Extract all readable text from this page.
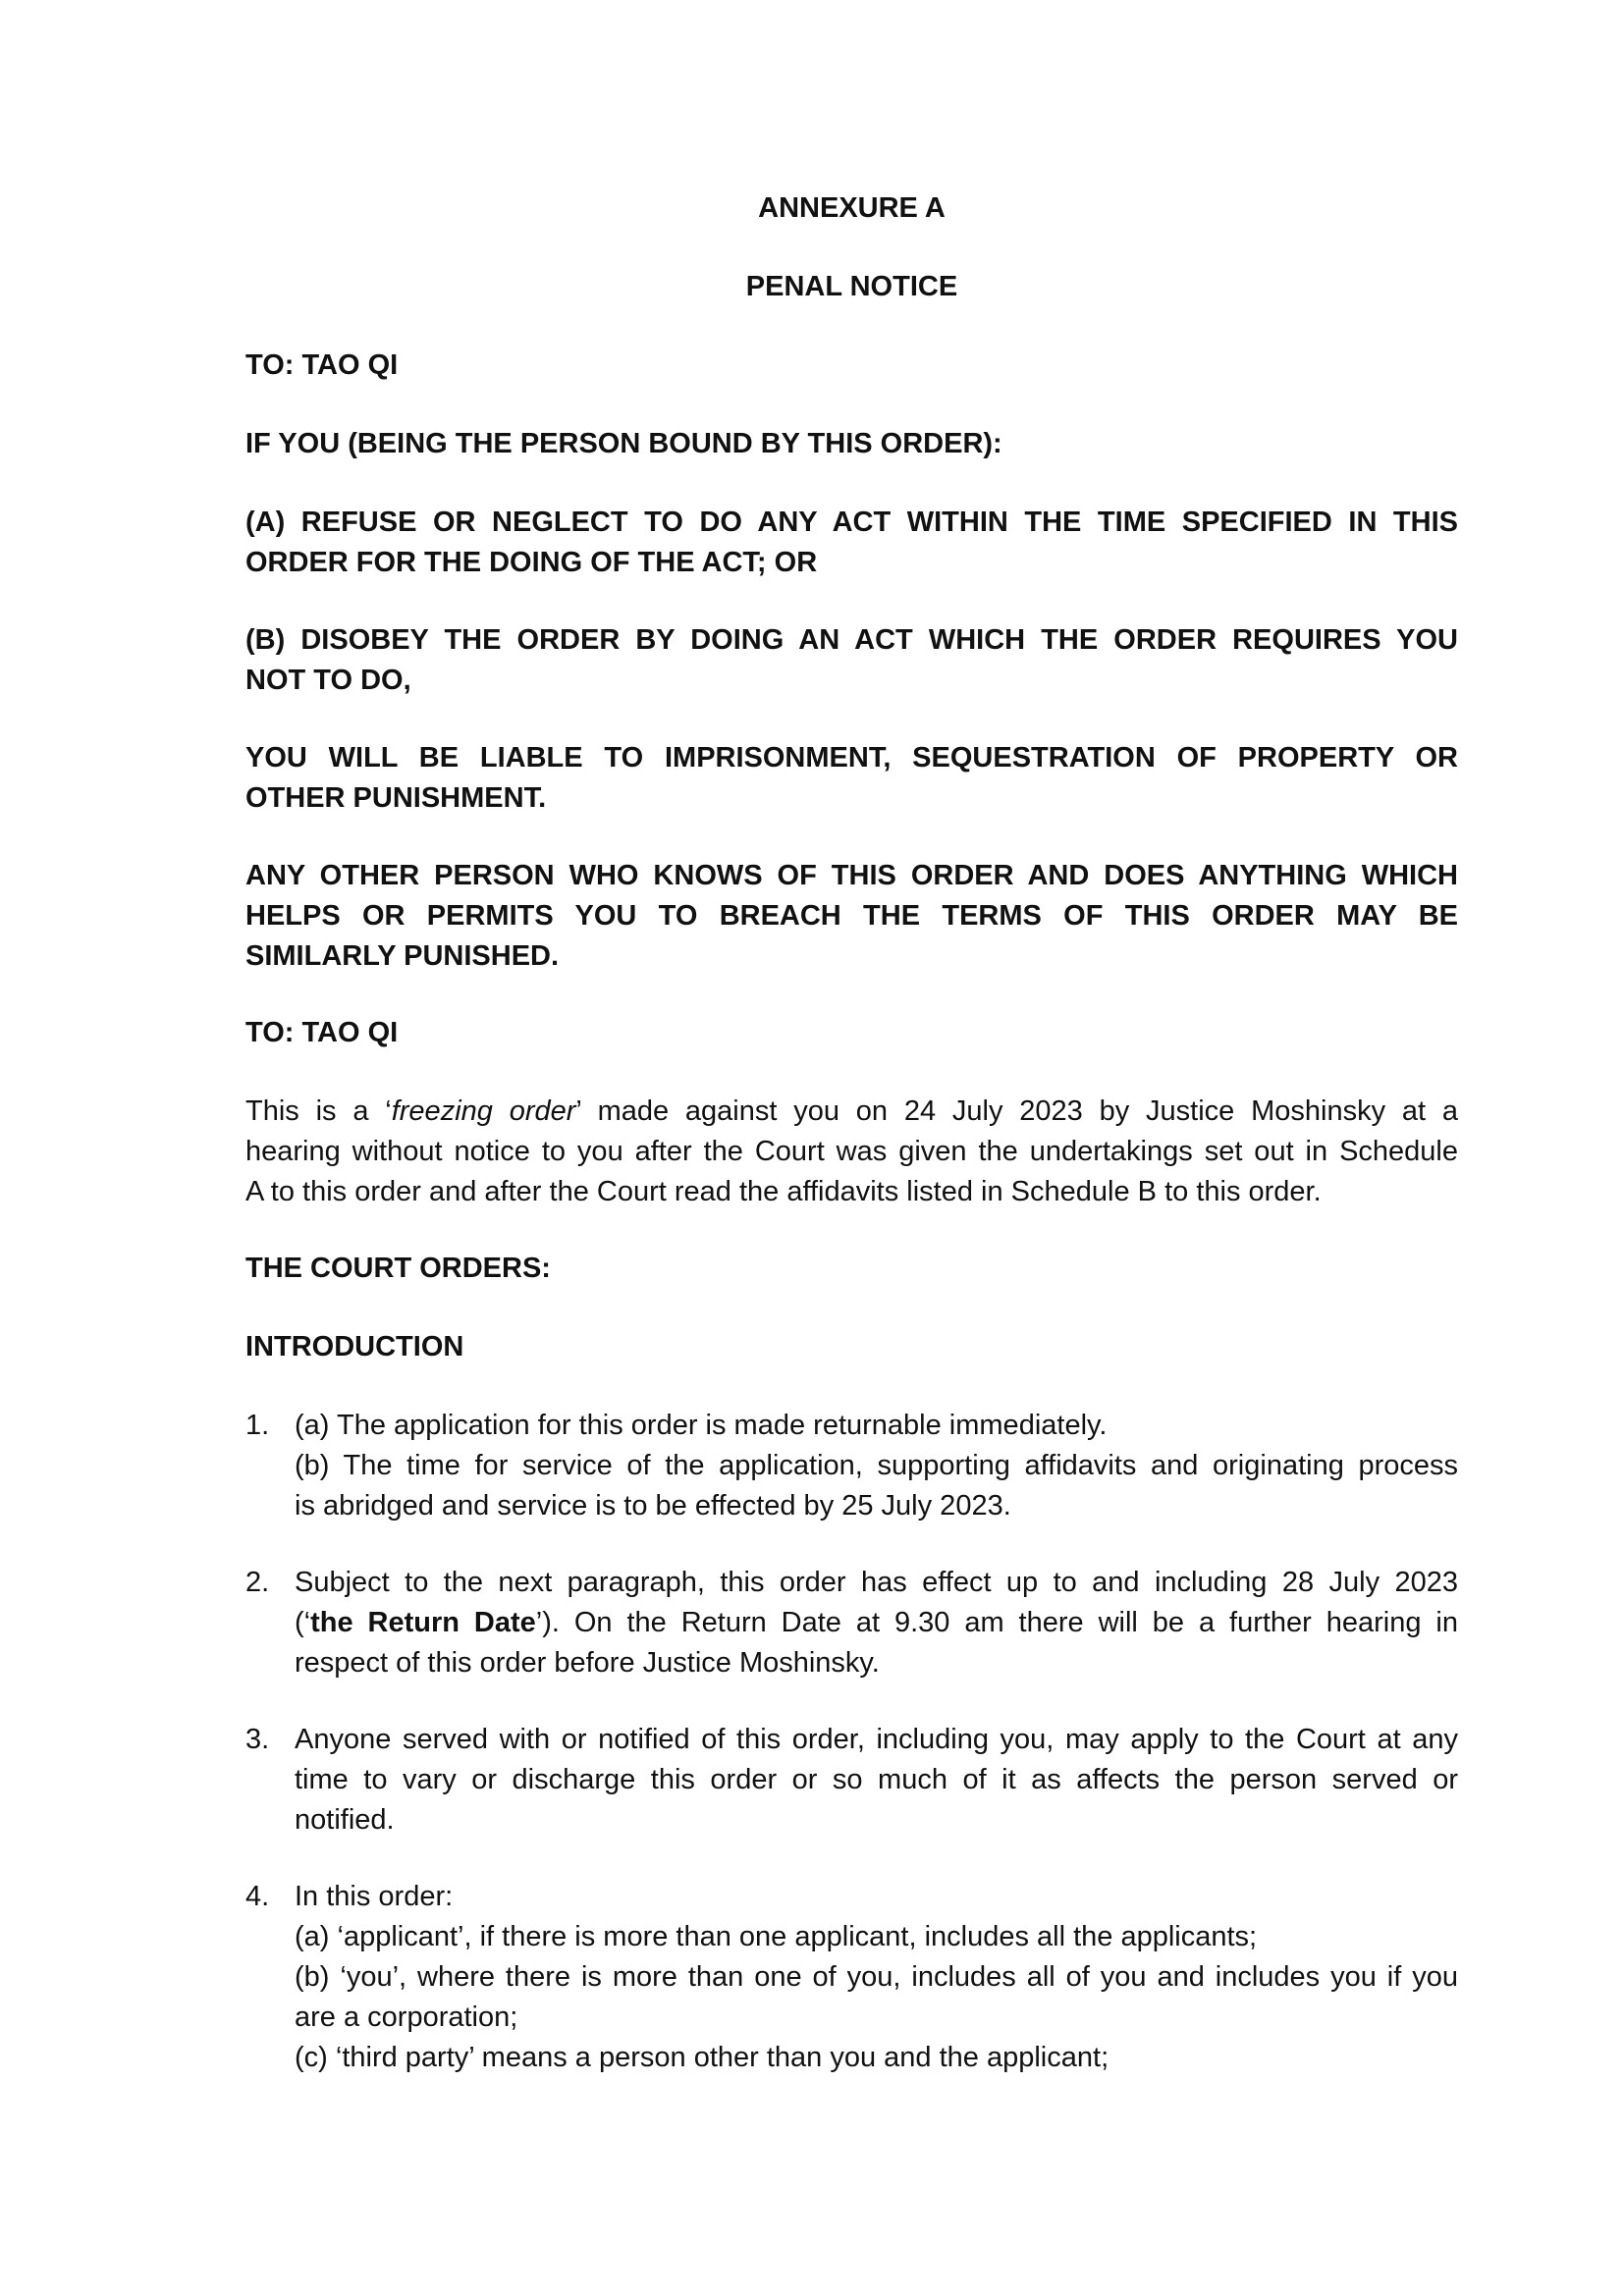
ANNEXURE A
PENAL NOTICE
TO: TAO QI
IF YOU (BEING THE PERSON BOUND BY THIS ORDER):
(A) REFUSE OR NEGLECT TO DO ANY ACT WITHIN THE TIME SPECIFIED IN THIS
ORDER FOR THE DOING OF THE ACT; OR
(B) DISOBEY THE ORDER BY DOING AN ACT WHICH THE ORDER REQUIRES YOU
NOT TO DO,
YOU WILL BE LIABLE TO IMPRISONMENT, SEQUESTRATION OF PROPERTY OR
OTHER PUNISHMENT.
ANY OTHER PERSON WHO KNOWS OF THIS ORDER AND DOES ANYTHING WHICH
HELPS OR PERMITS YOU TO BREACH THE TERMS OF THIS ORDER MAY BE
SIMILARLY PUNISHED.
TO: TAO QI
This is a ‘freezing order’ made against you on 24 July 2023 by Justice Moshinsky at a
hearing without notice to you after the Court was given the undertakings set out in Schedule
A to this order and after the Court read the affidavits listed in Schedule B to this order.
THE COURT ORDERS:
INTRODUCTION
1. (a) The application for this order is made returnable immediately.
(b) The time for service of the application, supporting affidavits and originating process
is abridged and service is to be effected by 25 July 2023.
2. Subject to the next paragraph, this order has effect up to and including 28 July 2023
(‘the Return Date’). On the Return Date at 9.30 am there will be a further hearing in
respect of this order before Justice Moshinsky.
3. Anyone served with or notified of this order, including you, may apply to the Court at any
time to vary or discharge this order or so much of it as affects the person served or
notified.
4. In this order:
(a) ‘applicant’, if there is more than one applicant, includes all the applicants;
(b) ‘you’, where there is more than one of you, includes all of you and includes you if you
are a corporation;
(c) ‘third party’ means a person other than you and the applicant;
